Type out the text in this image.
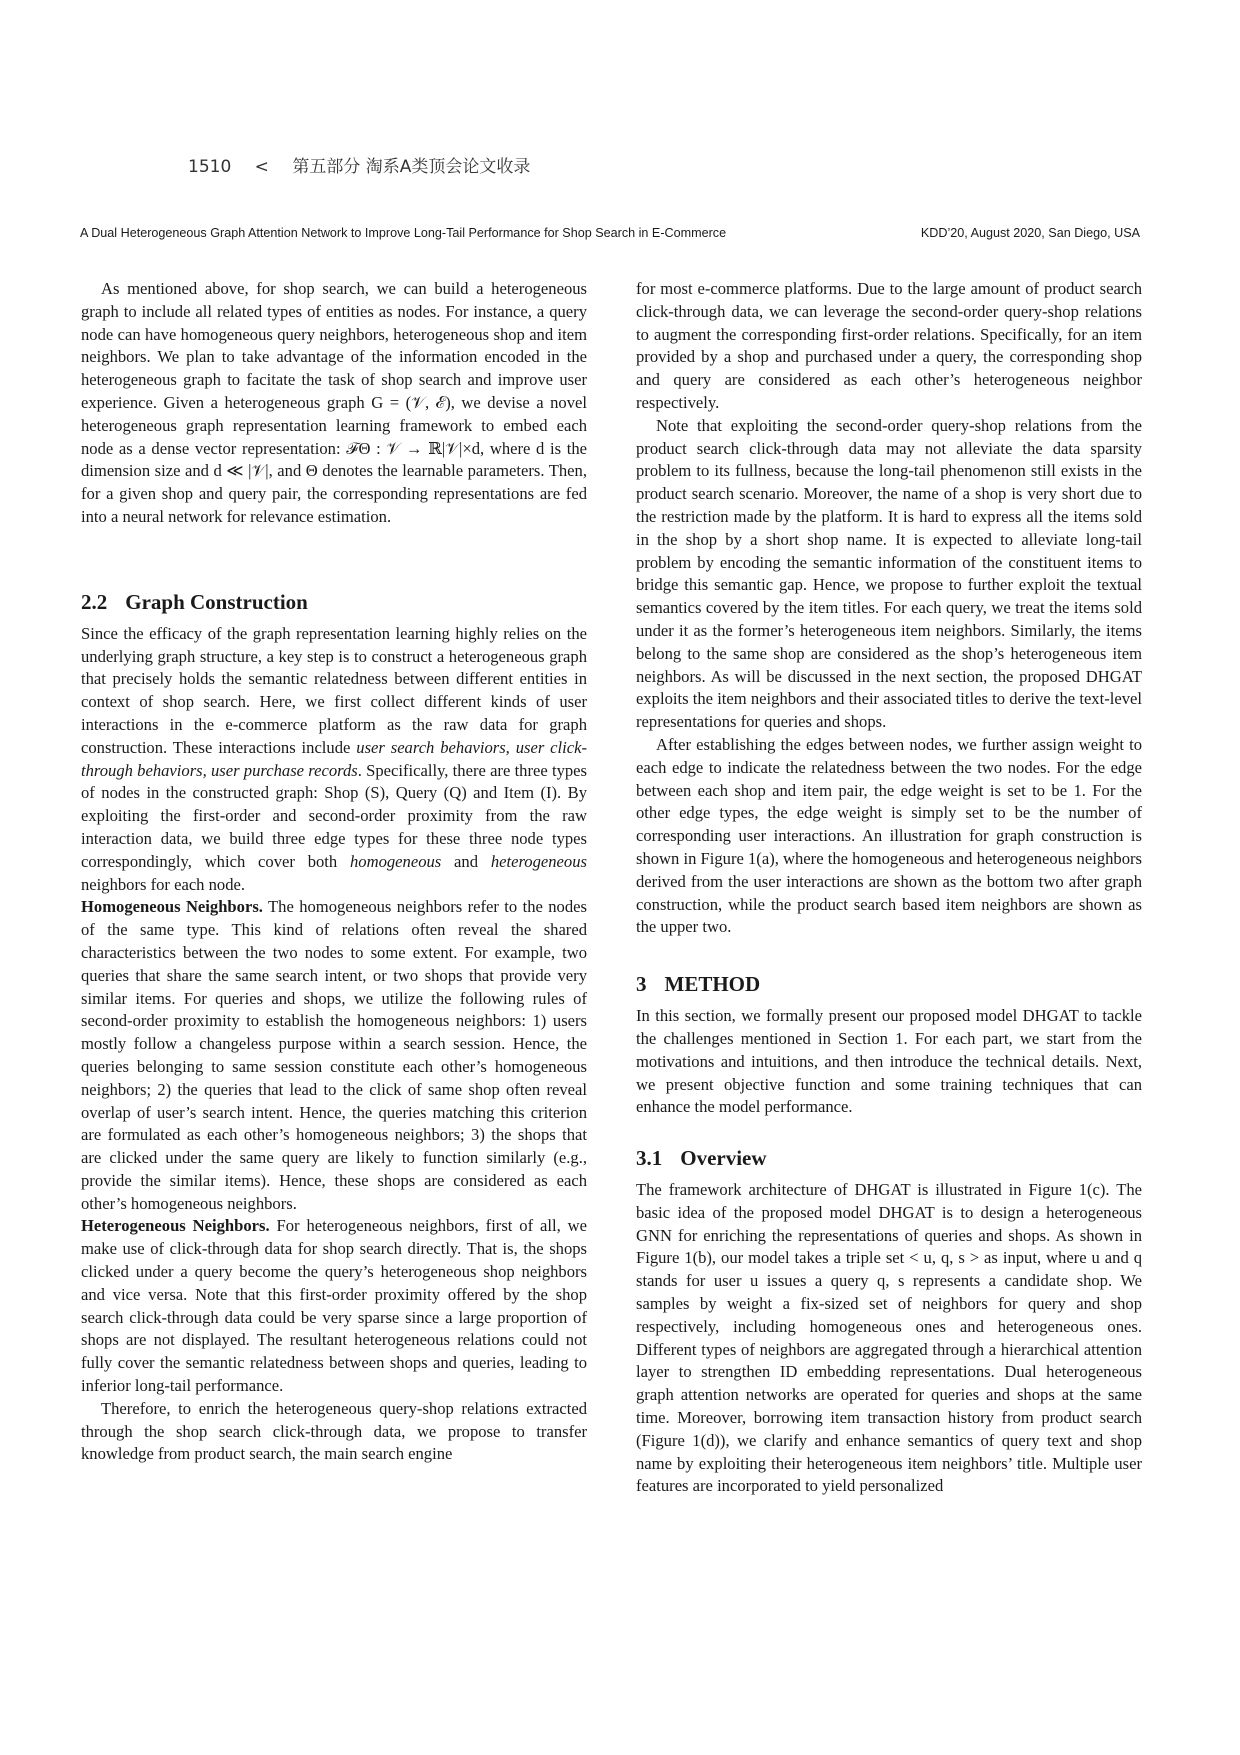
1510 < 第五部分 淘系A类顶会论文收录
A Dual Heterogeneous Graph Attention Network to Improve Long-Tail Performance for Shop Search in E-Commerce	KDD’20, August 2020, San Diego, USA

As mentioned above, for shop search, we can build a heterogeneous graph to include all related types of entities as nodes. For instance, a query node can have homogeneous query neighbors, heterogeneous shop and item neighbors. We plan to take advantage of the information encoded in the heterogeneous graph to facitate the task of shop search and improve user experience. Given a heterogeneous graph G = (𝒱, ℰ), we devise a novel heterogeneous graph representation learning framework to embed each node as a dense vector representation: ℱΘ : 𝒱 → ℝ|𝒱|×d, where d is the dimension size and d ≪ |𝒱|, and Θ denotes the learnable parameters. Then, for a given shop and query pair, the corresponding representations are fed into a neural network for relevance estimation.

2.2 Graph Construction

Since the efficacy of the graph representation learning highly relies on the underlying graph structure, a key step is to construct a heterogeneous graph that precisely holds the semantic relatedness between different entities in context of shop search. Here, we first collect different kinds of user interactions in the e-commerce platform as the raw data for graph construction. These interactions include user search behaviors, user click-through behaviors, user purchase records. Specifically, there are three types of nodes in the constructed graph: Shop (S), Query (Q) and Item (I). By exploiting the first-order and second-order proximity from the raw interaction data, we build three edge types for these three node types correspondingly, which cover both homogeneous and heterogeneous neighbors for each node.

Homogeneous Neighbors. The homogeneous neighbors refer to the nodes of the same type. This kind of relations often reveal the shared characteristics between the two nodes to some extent. For example, two queries that share the same search intent, or two shops that provide very similar items. For queries and shops, we utilize the following rules of second-order proximity to establish the homogeneous neighbors: 1) users mostly follow a changeless purpose within a search session. Hence, the queries belonging to same session constitute each other’s homogeneous neighbors; 2) the queries that lead to the click of same shop often reveal overlap of user’s search intent. Hence, the queries matching this criterion are formulated as each other’s homogeneous neighbors; 3) the shops that are clicked under the same query are likely to function similarly (e.g., provide the similar items). Hence, these shops are considered as each other’s homogeneous neighbors.

Heterogeneous Neighbors. For heterogeneous neighbors, first of all, we make use of click-through data for shop search directly. That is, the shops clicked under a query become the query’s heterogeneous shop neighbors and vice versa. Note that this first-order proximity offered by the shop search click-through data could be very sparse since a large proportion of shops are not displayed. The resultant heterogeneous relations could not fully cover the semantic relatedness between shops and queries, leading to inferior long-tail performance.

Therefore, to enrich the heterogeneous query-shop relations extracted through the shop search click-through data, we propose to transfer knowledge from product search, the main search engine

for most e-commerce platforms. Due to the large amount of product search click-through data, we can leverage the second-order query-shop relations to augment the corresponding first-order relations. Specifically, for an item provided by a shop and purchased under a query, the corresponding shop and query are considered as each other’s heterogeneous neighbor respectively.

Note that exploiting the second-order query-shop relations from the product search click-through data may not alleviate the data sparsity problem to its fullness, because the long-tail phenomenon still exists in the product search scenario. Moreover, the name of a shop is very short due to the restriction made by the platform. It is hard to express all the items sold in the shop by a short shop name. It is expected to alleviate long-tail problem by encoding the semantic information of the constituent items to bridge this semantic gap. Hence, we propose to further exploit the textual semantics covered by the item titles. For each query, we treat the items sold under it as the former’s heterogeneous item neighbors. Similarly, the items belong to the same shop are considered as the shop’s heterogeneous item neighbors. As will be discussed in the next section, the proposed DHGAT exploits the item neighbors and their associated titles to derive the text-level representations for queries and shops.

After establishing the edges between nodes, we further assign weight to each edge to indicate the relatedness between the two nodes. For the edge between each shop and item pair, the edge weight is set to be 1. For the other edge types, the edge weight is simply set to be the number of corresponding user interactions. An illustration for graph construction is shown in Figure 1(a), where the homogeneous and heterogeneous neighbors derived from the user interactions are shown as the bottom two after graph construction, while the product search based item neighbors are shown as the upper two.

3 METHOD

In this section, we formally present our proposed model DHGAT to tackle the challenges mentioned in Section 1. For each part, we start from the motivations and intuitions, and then introduce the technical details. Next, we present objective function and some training techniques that can enhance the model performance.

3.1 Overview

The framework architecture of DHGAT is illustrated in Figure 1(c). The basic idea of the proposed model DHGAT is to design a heterogeneous GNN for enriching the representations of queries and shops. As shown in Figure 1(b), our model takes a triple set < u, q, s > as input, where u and q stands for user u issues a query q, s represents a candidate shop. We samples by weight a fix-sized set of neighbors for query and shop respectively, including homogeneous ones and heterogeneous ones. Different types of neighbors are aggregated through a hierarchical attention layer to strengthen ID embedding representations. Dual heterogeneous graph attention networks are operated for queries and shops at the same time. Moreover, borrowing item transaction history from product search (Figure 1(d)), we clarify and enhance semantics of query text and shop name by exploiting their heterogeneous item neighbors’ title. Multiple user features are incorporated to yield personalized
